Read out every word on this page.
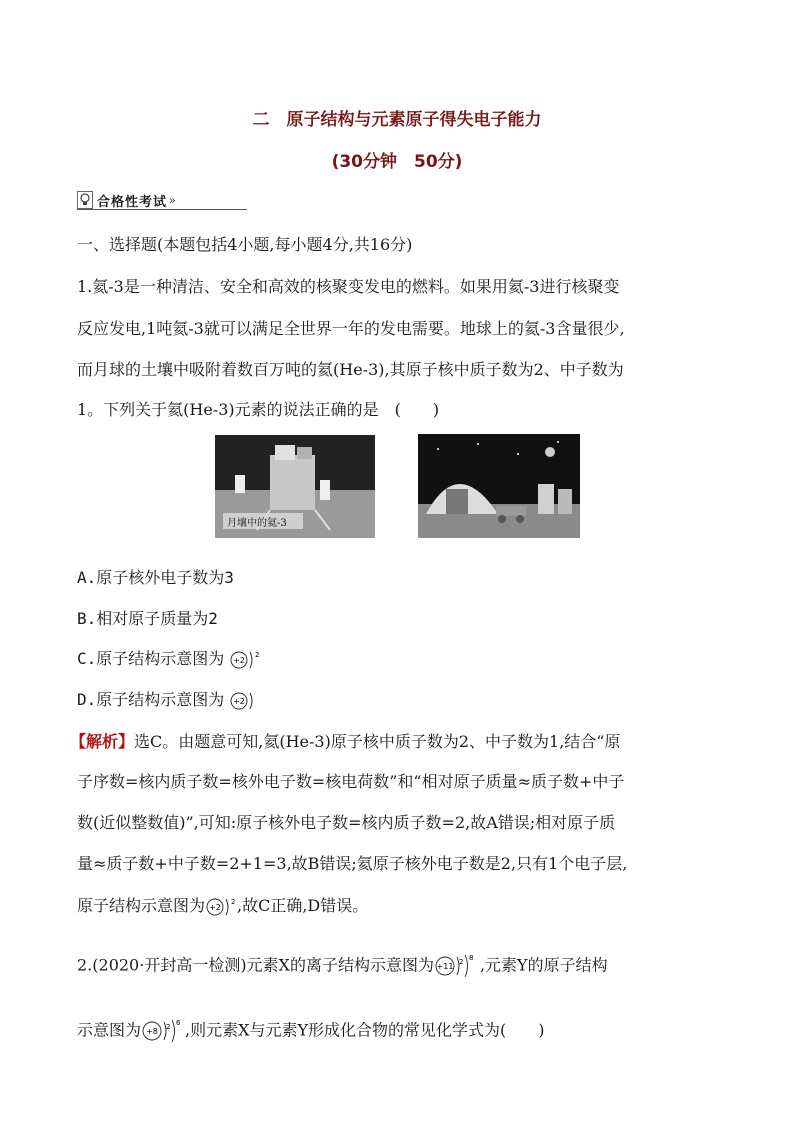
二　原子结构与元素原子得失电子能力
(30分钟　50分)
合格性考试 »
一、选择题(本题包括4小题,每小题4分,共16分)
1.氦-3是一种清洁、安全和高效的核聚变发电的燃料。如果用氦-3进行核聚变
反应发电,1吨氦-3就可以满足全世界一年的发电需要。地球上的氦-3含量很少,
而月球的土壤中吸附着数百万吨的氦(He-3),其原子核中质子数为2、中子数为
1。下列关于氦(He-3)元素的说法正确的是　(　　)
月壤中的氦-3
A.原子核外电子数为3
B.相对原子质量为2
C.原子结构示意图为 +2
2
D.原子结构示意图为 +2
【解析】选C。由题意可知,氦(He-3)原子核中质子数为2、中子数为1,结合“原
子序数=核内质子数=核外电子数=核电荷数”和“相对原子质量≈质子数+中子
数(近似整数值)”,可知:原子核外电子数=核内质子数=2,故A错误;相对原子质
量≈质子数+中子数=2+1=3,故B错误;氦原子核外电子数是2,只有1个电子层,
原子结构示意图为 +2
2 ,故C正确,D错误。
2.(2020·开封高一检测)元素X的离子结构示意图为 +11 2 8 ,元素Y的原子结构
示意图为 +8 2 6 ,则元素X与元素Y形成化合物的常见化学式为(　　)
